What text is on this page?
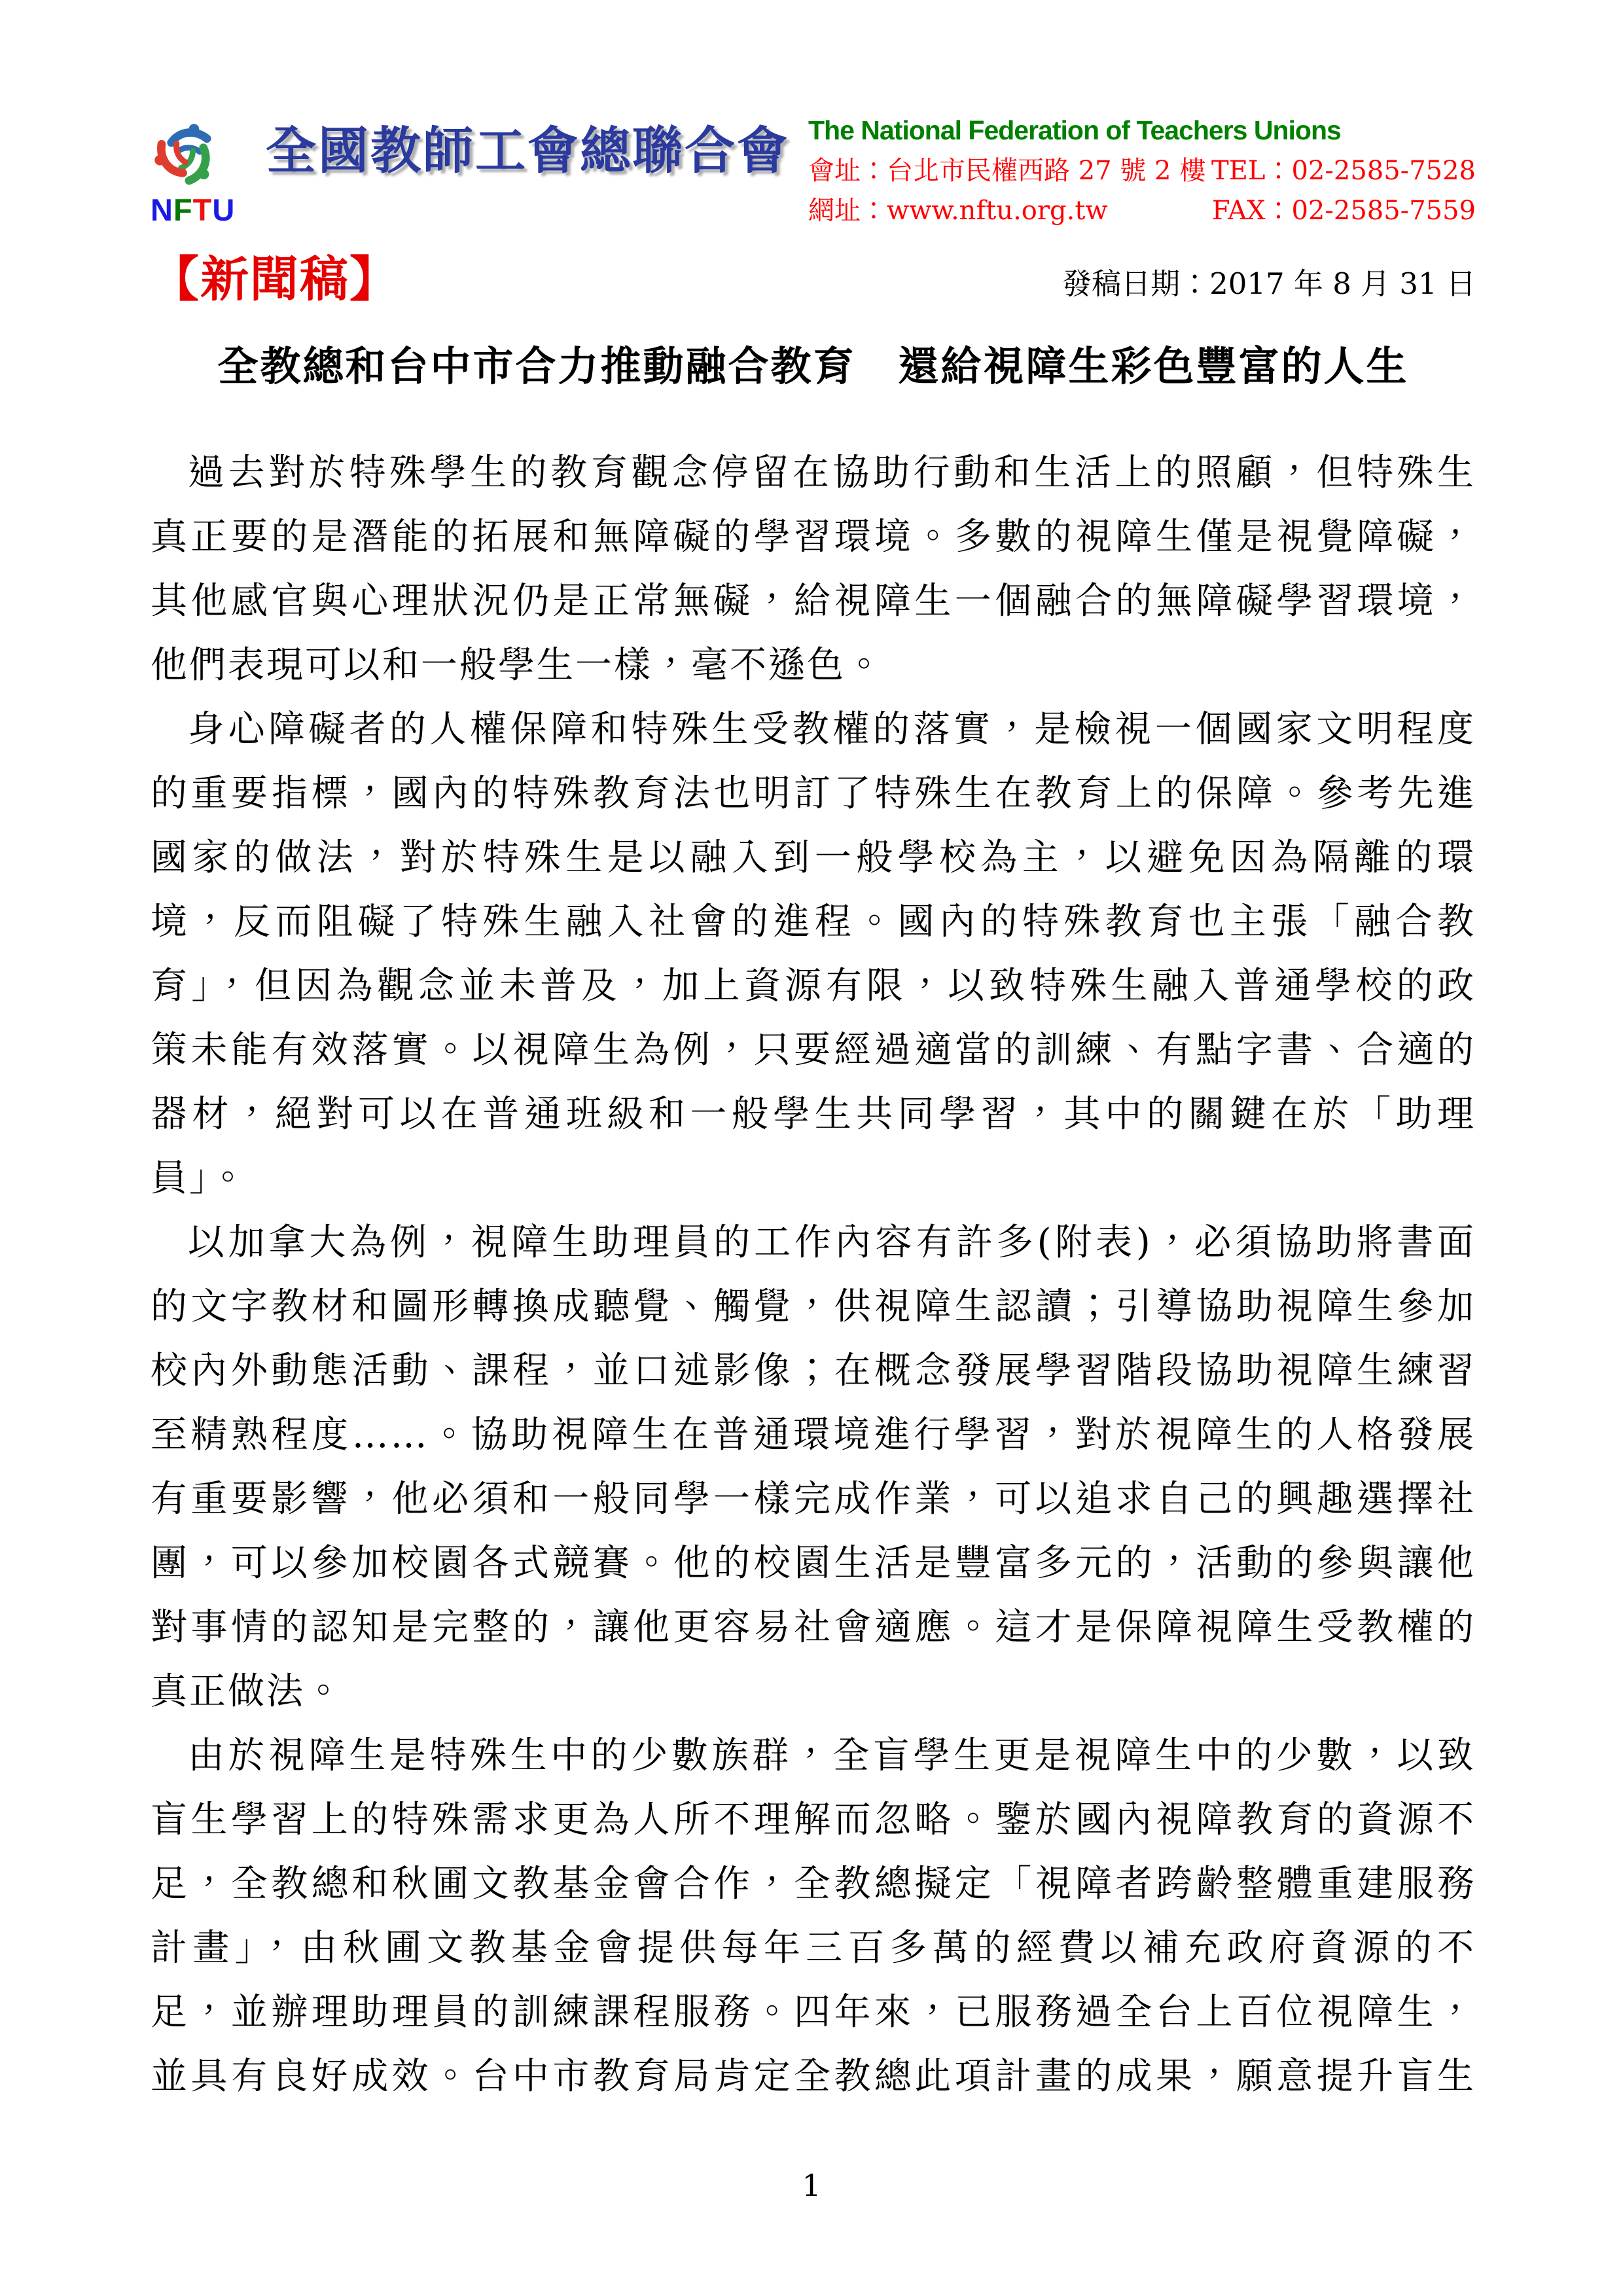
NFTU
全國教師工會總聯合會 The National Federation of Teachers Unions
會址：台北市民權西路 27 號 2 樓 TEL：02-2585-7528
網址：www.nftu.org.tw	FAX：02-2585-7559
【新聞稿】	發稿日期：2017 年 8 月 31 日
全教總和台中市合力推動融合教育　還給視障生彩色豐富的人生
過去對於特殊學生的教育觀念停留在協助行動和生活上的照顧，但特殊生
真正要的是潛能的拓展和無障礙的學習環境。多數的視障生僅是視覺障礙，
其他感官與心理狀況仍是正常無礙，給視障生一個融合的無障礙學習環境，
他們表現可以和一般學生一樣，毫不遜色。
身心障礙者的人權保障和特殊生受教權的落實，是檢視一個國家文明程度
的重要指標，國內的特殊教育法也明訂了特殊生在教育上的保障。參考先進
國家的做法，對於特殊生是以融入到一般學校為主，以避免因為隔離的環
境，反而阻礙了特殊生融入社會的進程。國內的特殊教育也主張「融合教
育」，但因為觀念並未普及，加上資源有限，以致特殊生融入普通學校的政
策未能有效落實。以視障生為例，只要經過適當的訓練、有點字書、合適的
器材，絕對可以在普通班級和一般學生共同學習，其中的關鍵在於「助理
員」。
以加拿大為例，視障生助理員的工作內容有許多(附表)，必須協助將書面
的文字教材和圖形轉換成聽覺、觸覺，供視障生認讀；引導協助視障生參加
校內外動態活動、課程，並口述影像；在概念發展學習階段協助視障生練習
至精熟程度……。協助視障生在普通環境進行學習，對於視障生的人格發展
有重要影響，他必須和一般同學一樣完成作業，可以追求自己的興趣選擇社
團，可以參加校園各式競賽。他的校園生活是豐富多元的，活動的參與讓他
對事情的認知是完整的，讓他更容易社會適應。這才是保障視障生受教權的
真正做法。
由於視障生是特殊生中的少數族群，全盲學生更是視障生中的少數，以致
盲生學習上的特殊需求更為人所不理解而忽略。鑒於國內視障教育的資源不
足，全教總和秋圃文教基金會合作，全教總擬定「視障者跨齡整體重建服務
計畫」，由秋圃文教基金會提供每年三百多萬的經費以補充政府資源的不
足，並辦理助理員的訓練課程服務。四年來，已服務過全台上百位視障生，
並具有良好成效。台中市教育局肯定全教總此項計畫的成果，願意提升盲生
1
